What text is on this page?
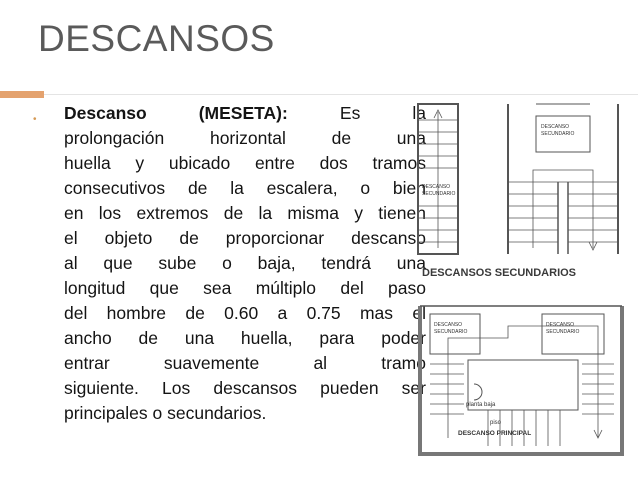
DESCANSOS
• Descanso (MESETA): Es la
prolongación horizontal de una
huella y ubicado entre dos tramos
consecutivos de la escalera, o bien
en los extremos de la misma y tienen
el objeto de proporcionar descanso
al que sube o baja, tendrá una
longitud que sea múltiplo del paso
del hombre de 0.60 a 0.75 mas el
ancho de una huella, para poder
entrar suavemente al tramo
siguiente. Los descansos pueden ser
principales o secundarios.
DESCANSO
SECUNDARIO
DESCANSO
SECUNDARIO
DESCANSOS SECUNDARIOS
DESCANSO
SECUNDARIO
DESCANSO
SECUNDARIO
planta baja
piso
DESCANSO PRINCIPAL
